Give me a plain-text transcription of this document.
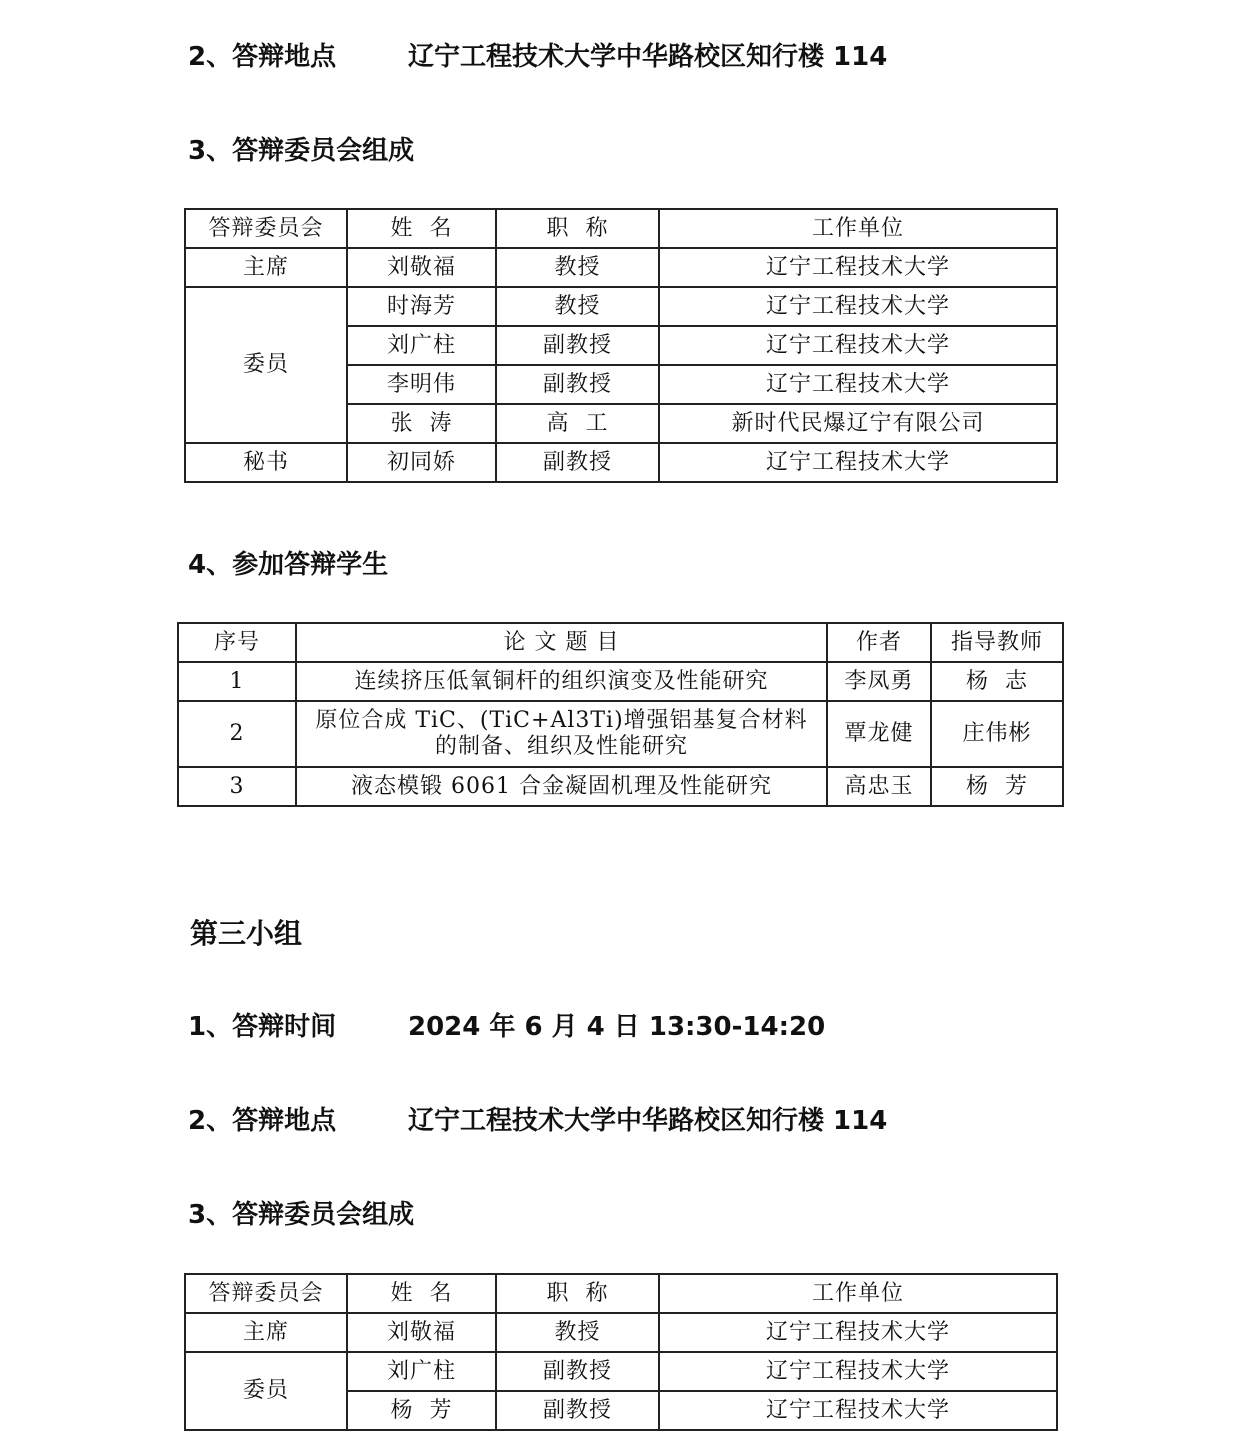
2、答辩地点	辽宁工程技术大学中华路校区知行楼 114
3、答辩委员会组成
答辩委员会	姓  名	职  称	工作单位
主席	刘敬福	教授	辽宁工程技术大学
委员	时海芳	教授	辽宁工程技术大学
	刘广柱	副教授	辽宁工程技术大学
	李明伟	副教授	辽宁工程技术大学
	张  涛	高  工	新时代民爆辽宁有限公司
秘书	初同娇	副教授	辽宁工程技术大学
4、参加答辩学生
序号	论 文 题 目	作者	指导教师
1	连续挤压低氧铜杆的组织演变及性能研究	李凤勇	杨  志
2	原位合成 TiC、(TiC+Al3Ti)增强铝基复合材料的制备、组织及性能研究	覃龙健	庄伟彬
3	液态模锻 6061 合金凝固机理及性能研究	高忠玉	杨  芳
第三小组
1、答辩时间	2024 年 6 月 4 日 13:30-14:20
2、答辩地点	辽宁工程技术大学中华路校区知行楼 114
3、答辩委员会组成
答辩委员会	姓  名	职  称	工作单位
主席	刘敬福	教授	辽宁工程技术大学
委员	刘广柱	副教授	辽宁工程技术大学
	杨  芳	副教授	辽宁工程技术大学
